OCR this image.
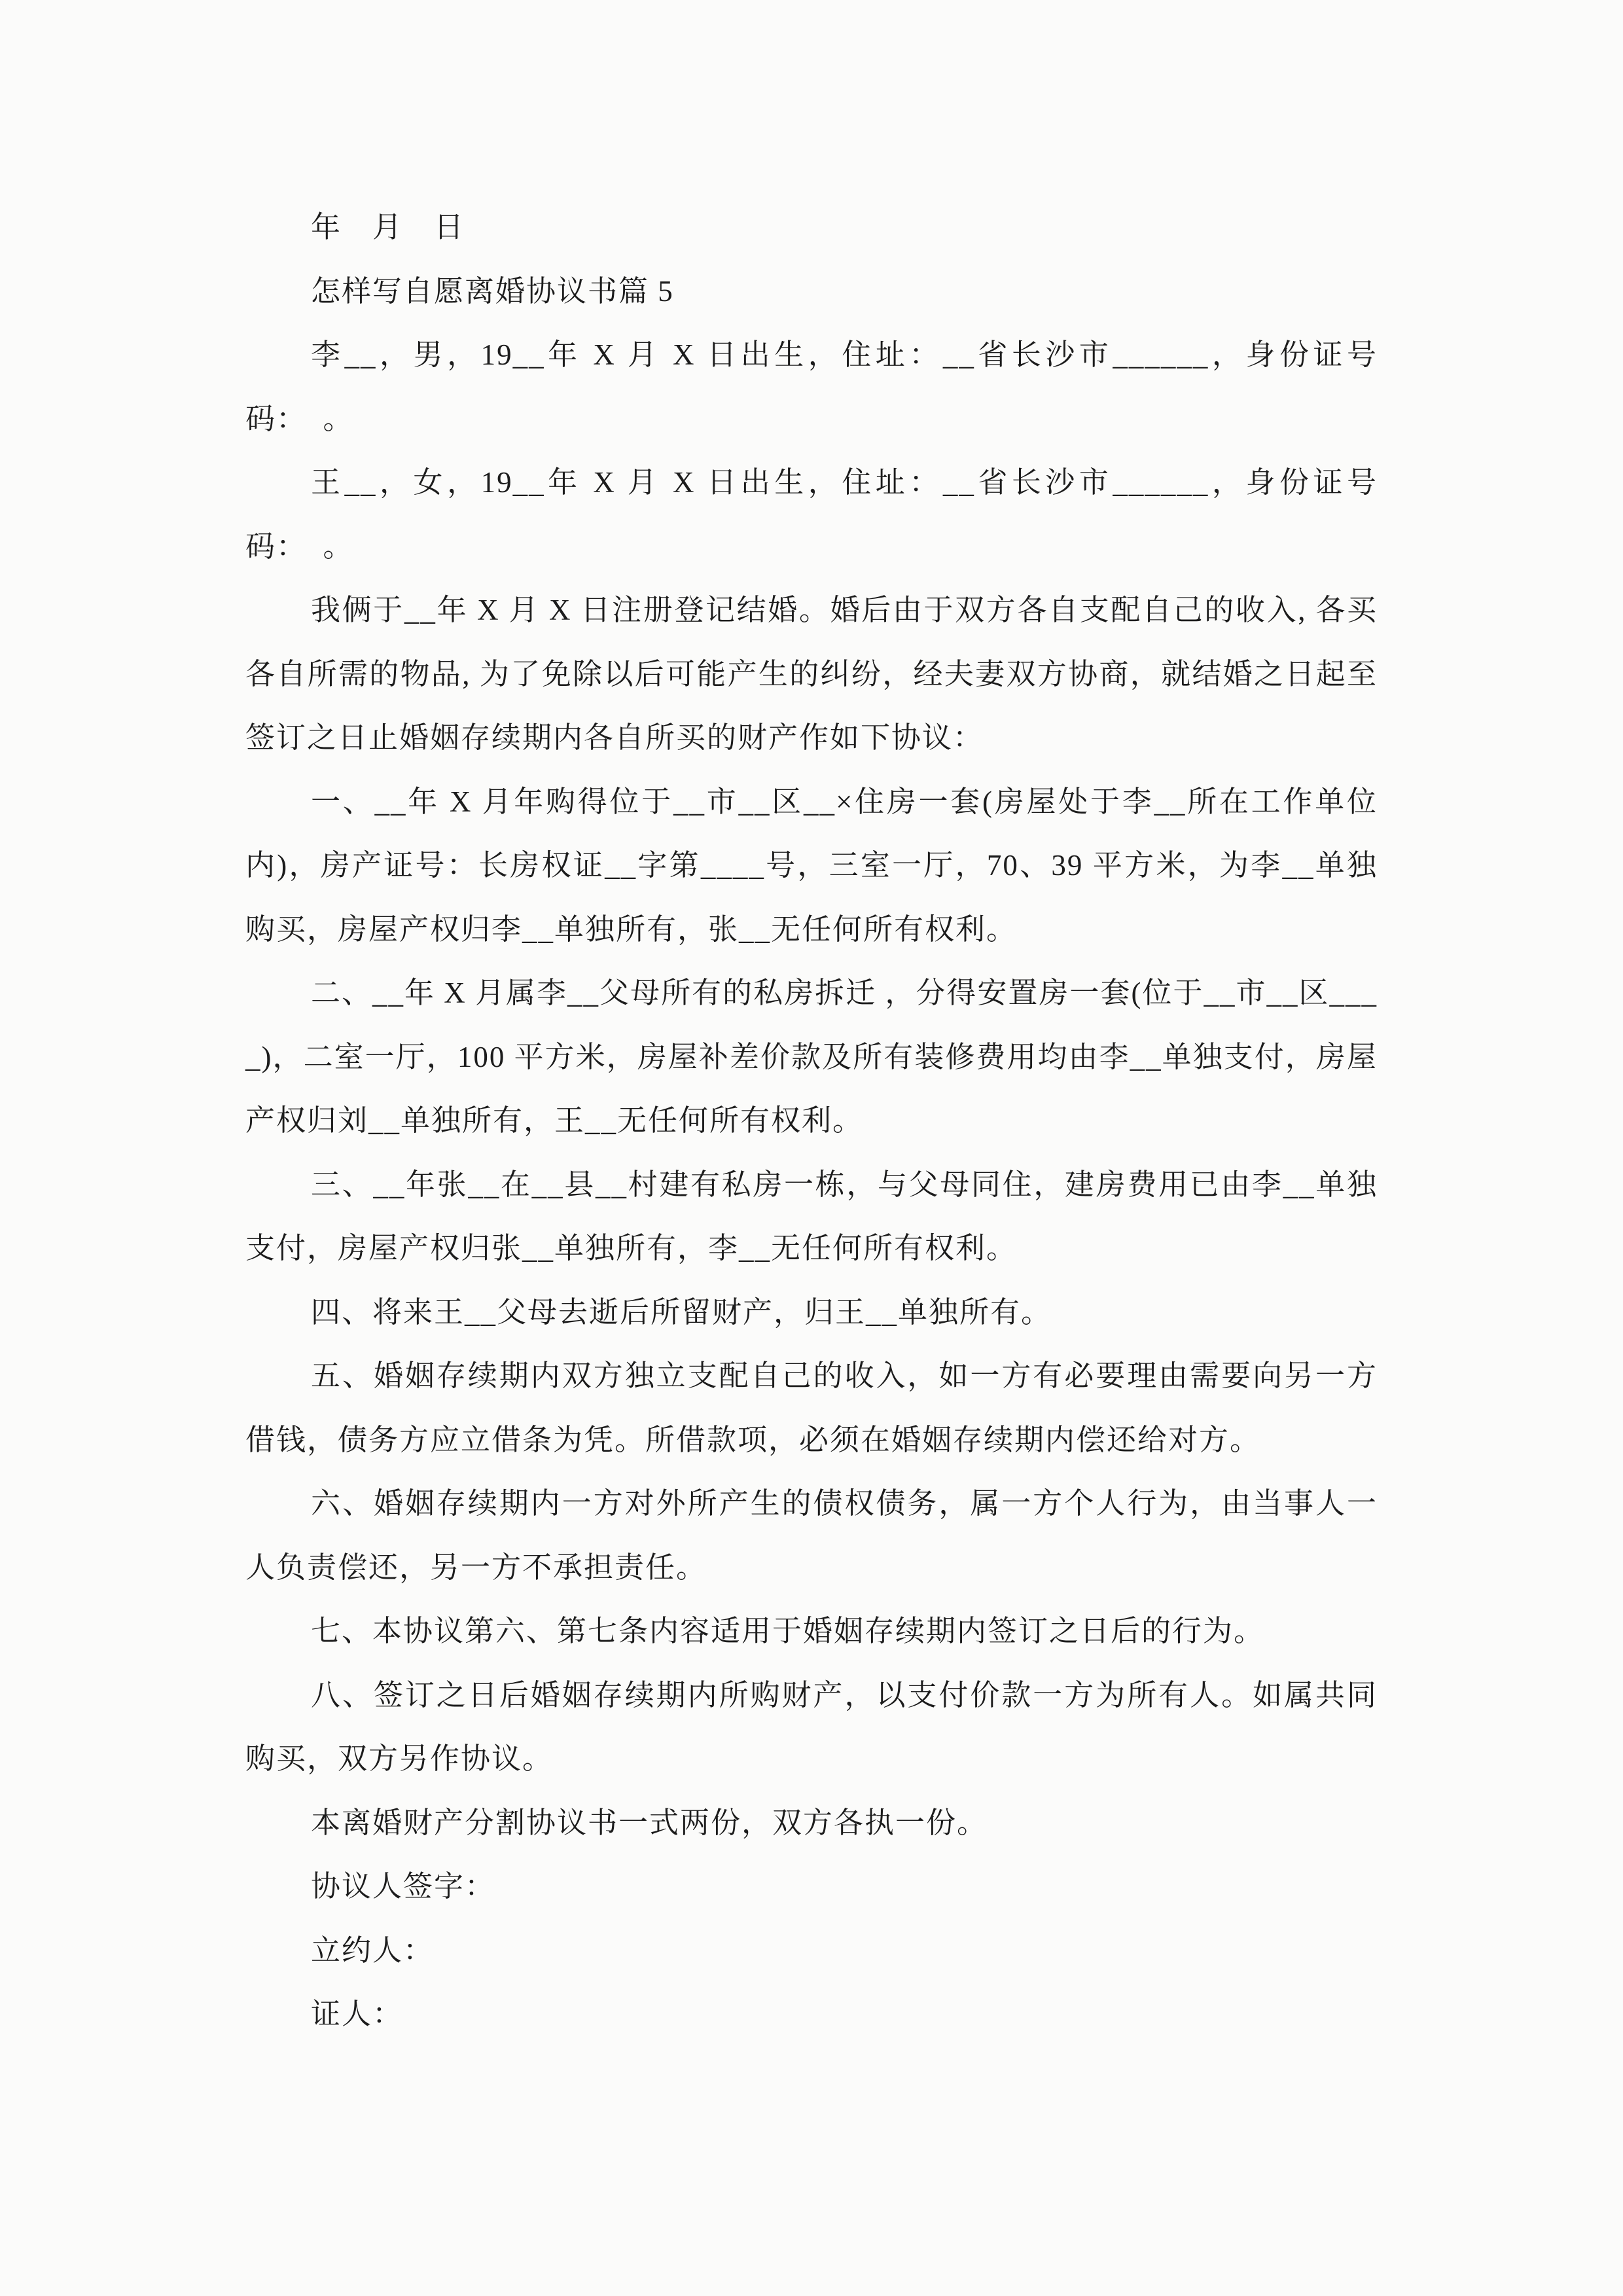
年　月　日

怎样写自愿离婚协议书篇 5

李__，男，19__年 X 月 X 日出生，住址：__省长沙市______，身份证号码：　。

王__，女，19__年 X 月 X 日出生，住址：__省长沙市______，身份证号码：　。

我俩于__年 X 月 X 日注册登记结婚。婚后由于双方各自支配自己的收入, 各买各自所需的物品, 为了免除以后可能产生的纠纷，经夫妻双方协商，就结婚之日起至签订之日止婚姻存续期内各自所买的财产作如下协议：

一、__年 X 月年购得位于__市__区__×住房一套(房屋处于李__所在工作单位内)，房产证号：长房权证__字第____号，三室一厅，70、39 平方米，为李__单独购买，房屋产权归李__单独所有，张__无任何所有权利。

二、__年 X 月属李__父母所有的私房拆迁 ，分得安置房一套(位于__市__区____)，二室一厅，100 平方米，房屋补差价款及所有装修费用均由李__单独支付，房屋产权归刘__单独所有，王__无任何所有权利。

三、__年张__在__县__村建有私房一栋，与父母同住，建房费用已由李__单独支付，房屋产权归张__单独所有，李__无任何所有权利。

四、将来王__父母去逝后所留财产，归王__单独所有。

五、婚姻存续期内双方独立支配自己的收入，如一方有必要理由需要向另一方借钱，债务方应立借条为凭。所借款项，必须在婚姻存续期内偿还给对方。

六、婚姻存续期内一方对外所产生的债权债务，属一方个人行为，由当事人一人负责偿还，另一方不承担责任。

七、本协议第六、第七条内容适用于婚姻存续期内签订之日后的行为。

八、签订之日后婚姻存续期内所购财产，以支付价款一方为所有人。如属共同购买，双方另作协议。

本离婚财产分割协议书一式两份，双方各执一份。

协议人签字：

立约人：

证人：
